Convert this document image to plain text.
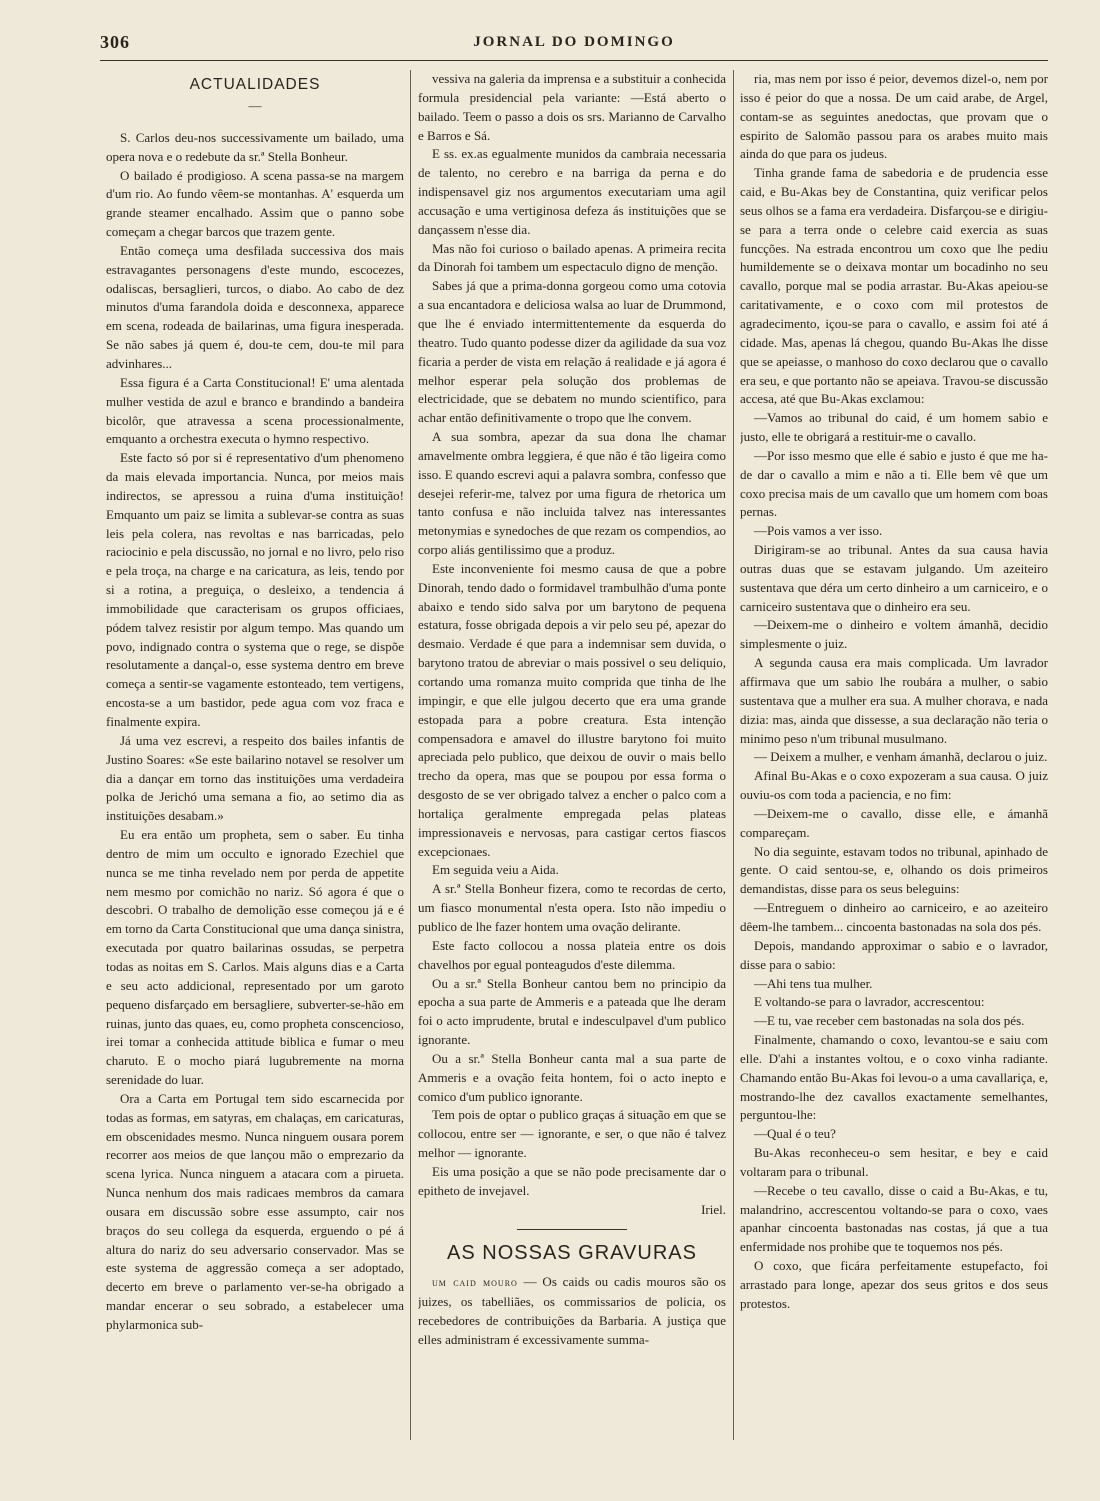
306	JORNAL DO DOMINGO
ACTUALIDADES
—

S. Carlos deu-nos successivamente um bailado, uma opera nova e o redebute da sr.ª Stella Bonheur.

O bailado é prodigioso. A scena passa-se na margem d'um rio. Ao fundo vêem-se montanhas. A' esquerda um grande steamer encalhado. Assim que o panno sobe começam a chegar barcos que trazem gente.

Então começa uma desfilada successiva dos mais estravagantes personagens d'este mundo, escocezes, odaliscas, bersaglieri, turcos, o diabo. Ao cabo de dez minutos d'uma farandola doida e desconnexa, apparece em scena, rodeada de bailarinas, uma figura inesperada. Se não sabes já quem é, dou-te cem, dou-te mil para advinhares...

Essa figura é a Carta Constitucional! E' uma alentada mulher vestida de azul e branco e brandindo a bandeira bicolôr, que atravessa a scena processionalmente, emquanto a orchestra executa o hymno respectivo.

Este facto só por si é representativo d'um phenomeno da mais elevada importancia. Nunca, por meios mais indirectos, se apressou a ruina d'uma instituição! Emquanto um paiz se limita a sublevar-se contra as suas leis pela colera, nas revoltas e nas barricadas, pelo raciocinio e pela discussão, no jornal e no livro, pelo riso e pela troça, na charge e na caricatura, as leis, tendo por si a rotina, a preguiça, o desleixo, a tendencia á immobilidade que caracterisam os grupos officiaes, pódem talvez resistir por algum tempo. Mas quando um povo, indignado contra o systema que o rege, se dispõe resolutamente a dançal-o, esse systema dentro em breve começa a sentir-se vagamente estonteado, tem vertigens, encosta-se a um bastidor, pede agua com voz fraca e finalmente expira.

Já uma vez escrevi, a respeito dos bailes infantis de Justino Soares: «Se este bailarino notavel se resolver um dia a dançar em torno das instituições uma verdadeira polka de Jerichó uma semana a fio, ao setimo dia as instituições desabam.»

Eu era então um propheta, sem o saber. Eu tinha dentro de mim um occulto e ignorado Ezechiel que nunca se me tinha revelado nem por perda de appetite nem mesmo por comichão no nariz. Só agora é que o descobri. O trabalho de demolição esse começou já e é em torno da Carta Constitucional que uma dança sinistra, executada por quatro bailarinas ossudas, se perpetra todas as noitas em S. Carlos. Mais alguns dias e a Carta e seu acto addicional, representado por um garoto pequeno disfarçado em bersagliere, subverter-se-hão em ruinas, junto das quaes, eu, como propheta conscencioso, irei tomar a conhecida attitude biblica e fumar o meu charuto. E o mocho piará lugubremente na morna serenidade do luar.

Ora a Carta em Portugal tem sido escarnecida por todas as formas, em satyras, em chalaças, em caricaturas, em obscenidades mesmo. Nunca ninguem ousara porem recorrer aos meios de que lançou mão o emprezario da scena lyrica. Nunca ninguem a atacara com a pirueta. Nunca nenhum dos mais radicaes membros da camara ousara em discussão sobre esse assumpto, cair nos braços do seu collega da esquerda, erguendo o pé á altura do nariz do seu adversario conservador. Mas se este systema de aggressão começa a ser adoptado, decerto em breve o parlamento ver-se-ha obrigado a mandar encerar o seu sobrado, a estabelecer uma phylarmonica sub-

vessiva na galeria da imprensa e a substituir a conhecida formula presidencial pela variante: —Está aberto o bailado. Teem o passo a dois os srs. Marianno de Carvalho e Barros e Sá.

E ss. ex.as egualmente munidos da cambraia necessaria de talento, no cerebro e na barriga da perna e do indispensavel giz nos argumentos executariam uma agil accusação e uma vertiginosa defeza ás instituições que se dançassem n'esse dia.

Mas não foi curioso o bailado apenas. A primeira recita da Dinorah foi tambem um espectaculo digno de menção.

Sabes já que a prima-donna gorgeou como uma cotovia a sua encantadora e deliciosa walsa ao luar de Drummond, que lhe é enviado intermittentemente da esquerda do theatro. Tudo quanto podesse dizer da agilidade da sua voz ficaria a perder de vista em relação á realidade e já agora é melhor esperar pela solução dos problemas de electricidade, que se debatem no mundo scientifico, para achar então definitivamente o tropo que lhe convem.

A sua sombra, apezar da sua dona lhe chamar amavelmente ombra leggiera, é que não é tão ligeira como isso. E quando escrevi aqui a palavra sombra, confesso que desejei referir-me, talvez por uma figura de rhetorica um tanto confusa e não incluida talvez nas interessantes metonymias e synedoches de que rezam os compendios, ao corpo aliás gentilissimo que a produz.

Este inconveniente foi mesmo causa de que a pobre Dinorah, tendo dado o formidavel trambulhão d'uma ponte abaixo e tendo sido salva por um barytono de pequena estatura, fosse obrigada depois a vir pelo seu pé, apezar do desmaio. Verdade é que para a indemnisar sem duvida, o barytono tratou de abreviar o mais possivel o seu deliquio, cortando uma romanza muito comprida que tinha de lhe impingir, e que elle julgou decerto que era uma grande estopada para a pobre creatura. Esta intenção compensadora e amavel do illustre barytono foi muito apreciada pelo publico, que deixou de ouvir o mais bello trecho da opera, mas que se poupou por essa forma o desgosto de se ver obrigado talvez a encher o palco com a hortaliça geralmente empregada pelas plateas impressionaveis e nervosas, para castigar certos fiascos excepcionaes.

Em seguida veiu a Aida.

A sr.ª Stella Bonheur fizera, como te recordas de certo, um fiasco monumental n'esta opera. Isto não impediu o publico de lhe fazer hontem uma ovação delirante.

Este facto collocou a nossa plateia entre os dois chavelhos por egual ponteagudos d'este dilemma.

Ou a sr.ª Stella Bonheur cantou bem no principio da epocha a sua parte de Ammeris e a pateada que lhe deram foi o acto imprudente, brutal e indesculpavel d'um publico ignorante.

Ou a sr.ª Stella Bonheur canta mal a sua parte de Ammeris e a ovação feita hontem, foi o acto inepto e comico d'um publico ignorante.

Tem pois de optar o publico graças á situação em que se collocou, entre ser — ignorante, e ser, o que não é talvez melhor — ignorante.

Eis uma posição a que se não pode precisamente dar o epitheto de invejavel.

Iriel.
AS NOSSAS GRAVURAS

um caid mouro — Os caids ou cadis mouros são os juizes, os tabelliães, os commissarios de policia, os recebedores de contribuições da Barbaria. A justiça que elles administram é excessivamente summa-

ria, mas nem por isso é peior, devemos dizel-o, nem por isso é peior do que a nossa. De um caid arabe, de Argel, contam-se as seguintes anedoctas, que provam que o espirito de Salomão passou para os arabes muito mais ainda do que para os judeus.

Tinha grande fama de sabedoria e de prudencia esse caid, e Bu-Akas bey de Constantina, quiz verificar pelos seus olhos se a fama era verdadeira. Disfarçou-se e dirigiu-se para a terra onde o celebre caid exercia as suas funcções. Na estrada encontrou um coxo que lhe pediu humildemente se o deixava montar um bocadinho no seu cavallo, porque mal se podia arrastar. Bu-Akas apeiou-se caritativamente, e o coxo com mil protestos de agradecimento, içou-se para o cavallo, e assim foi até á cidade. Mas, apenas lá chegou, quando Bu-Akas lhe disse que se apeiasse, o manhoso do coxo declarou que o cavallo era seu, e que portanto não se apeiava. Travou-se discussão accesa, até que Bu-Akas exclamou:

—Vamos ao tribunal do caid, é um homem sabio e justo, elle te obrigará a restituir-me o cavallo.

—Por isso mesmo que elle é sabio e justo é que me ha-de dar o cavallo a mim e não a ti. Elle bem vê que um coxo precisa mais de um cavallo que um homem com boas pernas.

—Pois vamos a ver isso.

Dirigiram-se ao tribunal. Antes da sua causa havia outras duas que se estavam julgando. Um azeiteiro sustentava que déra um certo dinheiro a um carniceiro, e o carniceiro sustentava que o dinheiro era seu.

—Deixem-me o dinheiro e voltem ámanhã, decidio simplesmente o juiz.

A segunda causa era mais complicada. Um lavrador affirmava que um sabio lhe roubára a mulher, o sabio sustentava que a mulher era sua. A mulher chorava, e nada dizia: mas, ainda que dissesse, a sua declaração não teria o minimo peso n'um tribunal musulmano.

— Deixem a mulher, e venham ámanhã, declarou o juiz.

Afinal Bu-Akas e o coxo expozeram a sua causa. O juiz ouviu-os com toda a paciencia, e no fim:

—Deixem-me o cavallo, disse elle, e ámanhã compareçam.

No dia seguinte, estavam todos no tribunal, apinhado de gente. O caid sentou-se, e, olhando os dois primeiros demandistas, disse para os seus beleguins:

—Entreguem o dinheiro ao carniceiro, e ao azeiteiro dêem-lhe tambem... cincoenta bastonadas na sola dos pés.

Depois, mandando approximar o sabio e o lavrador, disse para o sabio:

—Ahi tens tua mulher.

E voltando-se para o lavrador, accrescentou:

—E tu, vae receber cem bastonadas na sola dos pés.

Finalmente, chamando o coxo, levantou-se e saiu com elle. D'ahi a instantes voltou, e o coxo vinha radiante. Chamando então Bu-Akas foi levou-o a uma cavallariça, e, mostrando-lhe dez cavallos exactamente semelhantes, perguntou-lhe:

—Qual é o teu?

Bu-Akas reconheceu-o sem hesitar, e bey e caid voltaram para o tribunal.

—Recebe o teu cavallo, disse o caid a Bu-Akas, e tu, malandrino, accrescentou voltando-se para o coxo, vaes apanhar cincoenta bastonadas nas costas, já que a tua enfermidade nos prohibe que te toquemos nos pés.

O coxo, que ficára perfeitamente estupefacto, foi arrastado para longe, apezar dos seus gritos e dos seus protestos.
